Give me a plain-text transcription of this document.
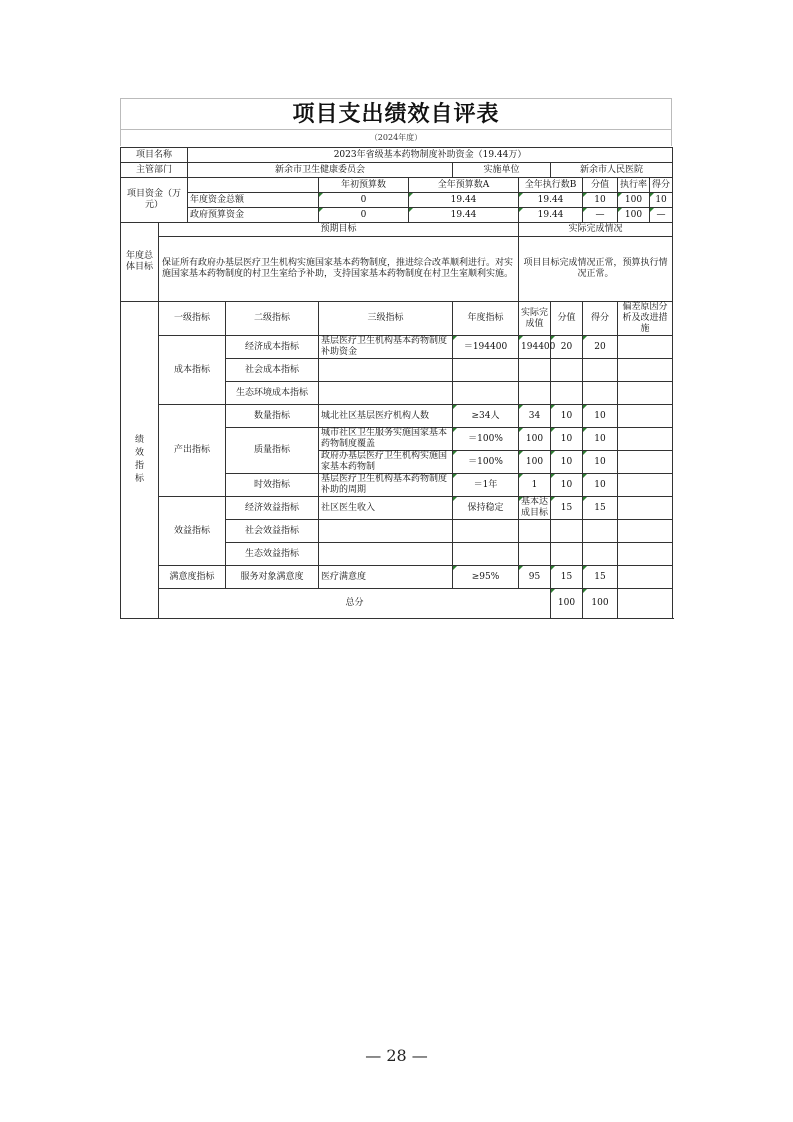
项目支出绩效自评表
（2024年度）
项目名称		2023年省级基本药物制度补助资金（19.44万）									
主管部门		新余市卫生健康委员会				实施单位		新余市人民医院			
项目资金（万元）				年初预算数	全年预算数A		全年执行数B		分值	执行率	得分
		年度资金总额		0	19.44		19.44		10	100	10
		政府预算资金		0	19.44		19.44		—	100	—
年度总体目标	预期目标						实际完成情况				
	保证所有政府办基层医疗卫生机构实施国家基本药物制度，推进综合改革顺利进行。对实施国家基本药物制度的村卫生室给予补助，支持国家基本药物制度在村卫生室顺利实施。						项目目标完成情况正常，预算执行情况正常。				
绩效指标	一级指标		二级指标	三级指标		年度指标	实际完成值	分值	得分	偏差原因分析及改进措施	
	成本指标		经济成本指标	基层医疗卫生机构基本药物制度补助资金		＝194400	194400	20	20		
			社会成本指标								
			生态环境成本指标								
	产出指标		数量指标	城北社区基层医疗机构人数		≥34人	34	10	10		
			质量指标	城市社区卫生服务实施国家基本药物制度覆盖		＝100%	100	10	10		
				政府办基层医疗卫生机构实施国家基本药物制		＝100%	100	10	10		
			时效指标	基层医疗卫生机构基本药物制度补助的周期		＝1年	1	10	10		
	效益指标		经济效益指标	社区医生收入		保持稳定	基本达成目标	15	15		
			社会效益指标								
			生态效益指标								
	满意度指标		服务对象满意度	医疗满意度		≥95%	95	15	15		
	总分							100	100		
— 28 —
